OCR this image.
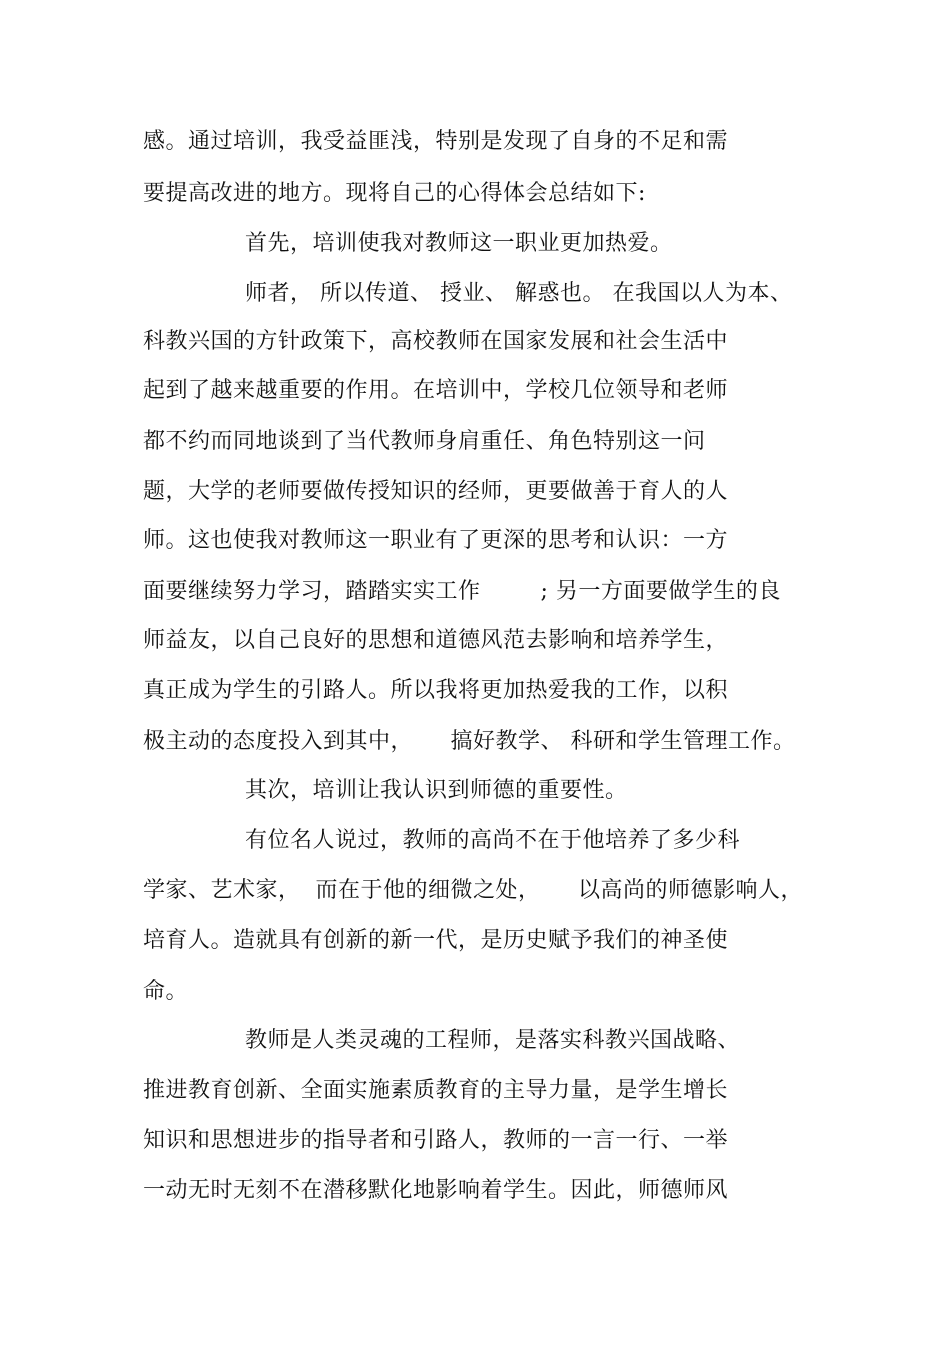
感。通过培训，我受益匪浅，特别是发现了自身的不足和需
要提高改进的地方。现将自己的心得体会总结如下:
首先，培训使我对教师这一职业更加热爱。
师者， 所以传道、 授业、 解惑也。 在我国以人为本、
科教兴国的方针政策下，高校教师在国家发展和社会生活中
起到了越来越重要的作用。在培训中，学校几位领导和老师
都不约而同地谈到了当代教师身肩重任、角色特别这一问
题，大学的老师要做传授知识的经师，更要做善于育人的人
师。这也使我对教师这一职业有了更深的思考和认识：一方
面要继续努力学习，踏踏实实工作        ; 另一方面要做学生的良
师益友，以自己良好的思想和道德风范去影响和培养学生，
真正成为学生的引路人。所以我将更加热爱我的工作，以积
极主动的态度投入到其中，     搞好教学、 科研和学生管理工作。
其次，培训让我认识到师德的重要性。
有位名人说过，教师的高尚不在于他培养了多少科
学家、艺术家，  而在于他的细微之处，     以高尚的师德影响人，
培育人。造就具有创新的新一代，是历史赋予我们的神圣使
命。
教师是人类灵魂的工程师，是落实科教兴国战略、
推进教育创新、全面实施素质教育的主导力量，是学生增长
知识和思想进步的指导者和引路人，教师的一言一行、一举
一动无时无刻不在潜移默化地影响着学生。因此，师德师风
